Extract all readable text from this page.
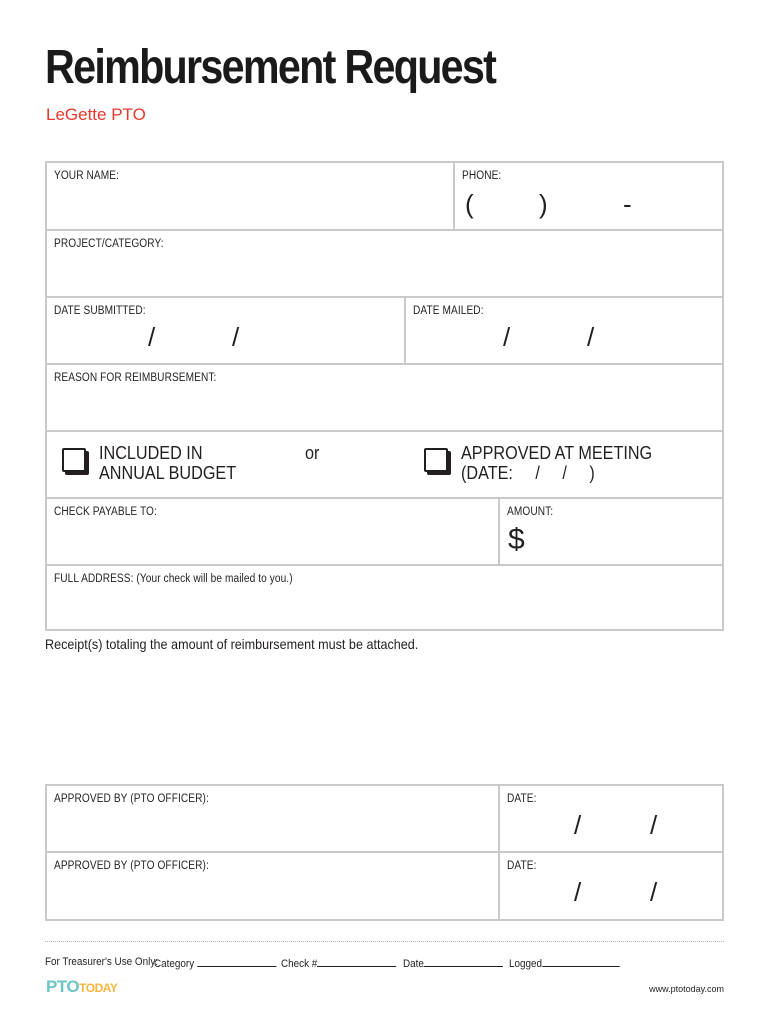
Reimbursement Request
LeGette PTO
YOUR NAME:	PHONE:
(	)	-
PROJECT/CATEGORY:
DATE SUBMITTED:
/	/
DATE MAILED:
/	/
REASON FOR REIMBURSEMENT:
INCLUDED IN
ANNUAL BUDGET
or	APPROVED AT MEETING
(DATE:     /     /     )
CHECK PAYABLE TO:	AMOUNT:
$
FULL ADDRESS: (Your check will be mailed to you.)
Receipt(s) totaling the amount of reimbursement must be attached.
APPROVED BY (PTO OFFICER):	DATE:
/	/
APPROVED BY (PTO OFFICER):	DATE:
/	/
For Treasurer's Use Only:
Category	Check #	Date	Logged
PTOTODAY	www.ptotoday.com
